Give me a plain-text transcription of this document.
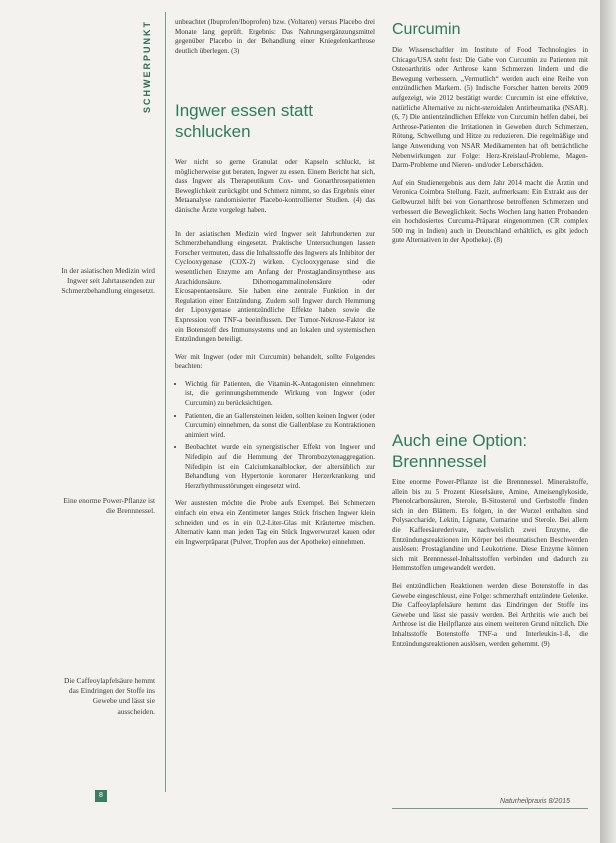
SCHWERPUNKT
In der asiatischen Medizin wird Ingwer seit Jahrtausenden zur Schmerzbehandlung eingesetzt.
Eine enorme Power-Pflanze ist die Brennnessel.
Die Caffeoylapfelsäure hemmt das Eindringen der Stoffe ins Gewebe und lässt sie ausscheiden.

unbeachtet (Ibuprofen/Iboprofen) bzw. (Voltaren) versus Placebo drei Monate lang geprüft. Ergebnis: Das Nahrungsergänzungsmittel gegenüber Placebo in der Behandlung einer Kniegelenkarthrose deutlich überlegen. (3)

Ingwer essen statt schlucken

Wer nicht so gerne Granulat oder Kapseln schluckt, ist möglicherweise gut beraten, Ingwer zu essen. Einem Bericht hat sich, dass Ingwer als Therapeutikum Cox- und Gonarthrosepatienten Beweglichkeit zurückgibt und Schmerz nimmt, so das Ergebnis einer Metaanalyse randomisierter Placebo-kontrollierter Studien. (4) das dänische Ärzte vorgelegt haben.

In der asiatischen Medizin wird Ingwer seit Jahrhunderten zur Schmerzbehandlung eingesetzt. Praktische Untersuchungen lassen Forscher vermuten, dass die Inhaltsstoffe des Ingwers als Inhibitor der Cyclooxygenase (COX-2) wirken. Cyclooxygenase sind die wesentlichen Enzyme am Anfang der Prostaglandinsynthese aus Arachidonsäure. Dihomogammalinolensäure oder Eicosapentaensäure. Sie haben eine zentrale Funktion in der Regulation einer Entzündung. Zudem soll Ingwer durch Hemmung der Lipoxygenase antientzündliche Effekte haben sowie die Expression von TNF-a beeinflussen. Der Tumor-Nekrose-Faktor ist ein Botenstoff des Immunsystems und an lokalen und systemischen Entzündungen beteiligt.

Wer mit Ingwer (oder mit Curcumin) behandelt, sollte Folgendes beachten:

• Wichtig für Patienten, die Vitamin-K-Antagonisten einnehmen: ist, die gerinnungshemmende Wirkung von Ingwer (oder Curcumin) zu berücksichtigen.
• Patienten, die an Gallensteinen leiden, sollten keinen Ingwer (oder Curcumin) einnehmen, da sonst die Gallenblase zu Kontraktionen animiert wird.
• Beobachtet wurde ein synergistischer Effekt von Ingwer und Nifedipin auf die Hemmung der Thrombozytenaggregation. Nifedipin ist ein Calciumkanalblocker, der altersüblich zur Behandlung von Hypertonie koronarer Herzerkrankung und Herzrhythmusstörungen eingesetzt wird.

Wer austesten möchte die Probe aufs Exempel. Bei Schmerzen einfach ein etwa ein Zentimeter langes Stück frischen Ingwer klein schneiden und es in ein 0,2-Liter-Glas mit Kräutertee mischen. Alternativ kann man jeden Tag ein Stück Ingwerwurzel kauen oder ein Ingwerpräparat (Pulver, Tropfen aus der Apotheke) einnehmen.

Curcumin

Die Wissenschaftler im Institute of Food Technologies in Chicago/USA steht fest: Die Gabe von Curcumin zu Patienten mit Osteoarthritis oder Arthrose kann Schmerzen lindern und die Bewegung verbessern. „Vermutlich“ werden auch eine Reihe von entzündlichen Markern. (5) Indische Forscher hatten bereits 2009 aufgezeigt, wie 2012 bestätigt wurde: Curcumin ist eine effektive, natürliche Alternative zu nicht-steroidalen Antirheumatika (NSAR). (6, 7) Die antientzündlichen Effekte von Curcumin helfen dabei, bei Arthrose-Patienten die Irritationen in Geweben durch Schmerzen, Rötung, Schwellung und Hitze zu reduzieren. Die regelmäßige und lange Anwendung von NSAR Medikamenten hat oft beträchtliche Nebenwirkungen zur Folge: Herz-Kreislauf-Probleme, Magen-Darm-Probleme und Nieren- und/oder Leberschäden.

Auf ein Studienergebnis aus dem Jahr 2014 macht die Ärztin und Veronica Coimbra Stellung. Fazit, aufmerksam: Ein Extrakt aus der Gelbwurzel hilft bei von Gonarthrose betroffenen Schmerzen und verbessert die Beweglichkeit. Sechs Wochen lang hatten Probanden ein hochdosiertes Curcuma-Präparat eingenommen (CR complex 500 mg in Indien) auch in Deutschland erhältlich, es gibt jedoch gute Alternativen in der Apotheke). (8)

Auch eine Option: Brennnessel

Eine enorme Power-Pflanze ist die Brennnessel. Mineralstoffe, allein bis zu 5 Prozent Kieselsäure, Amine, Ameisenglykoside, Phenolcarbonsäuren, Sterole, Β-Sitosterol und Gerbstoffe finden sich in den Blättern. Es folgen, in der Wurzel enthalten sind Polysaccharide, Lektin, Lignane, Cumarine und Sterole. Bei allem die Kaffeesäurederivate, nachweislich zwei Enzyme, die Entzündungsreaktionen im Körper bei rheumatischen Beschwerden auslösen: Prostaglandine und Leukotriene. Diese Enzyme können sich mit Brennnessel-Inhaltsstoffen verbinden und dadurch zu Hemmstoffen umgewandelt werden.

Bei entzündlichen Reaktionen werden diese Botenstoffe in das Gewebe eingeschleust, eine Folge: schmerzhaft entzündete Gelenke. Die Caffeoylapfelsäure hemmt das Eindringen der Stoffe ins Gewebe und lässt sie passiv werden. Bei Arthritis wie auch bei Arthrose ist die Heilpflanze aus einem weiteren Grund nützlich. Die Inhaltsstoffe Botenstoffe TNF-a und Interleukin-1-ß, die Entzündungsreaktionen auslösen, werden gehemmt. (9)

8
Naturheilpraxis 8/2015
